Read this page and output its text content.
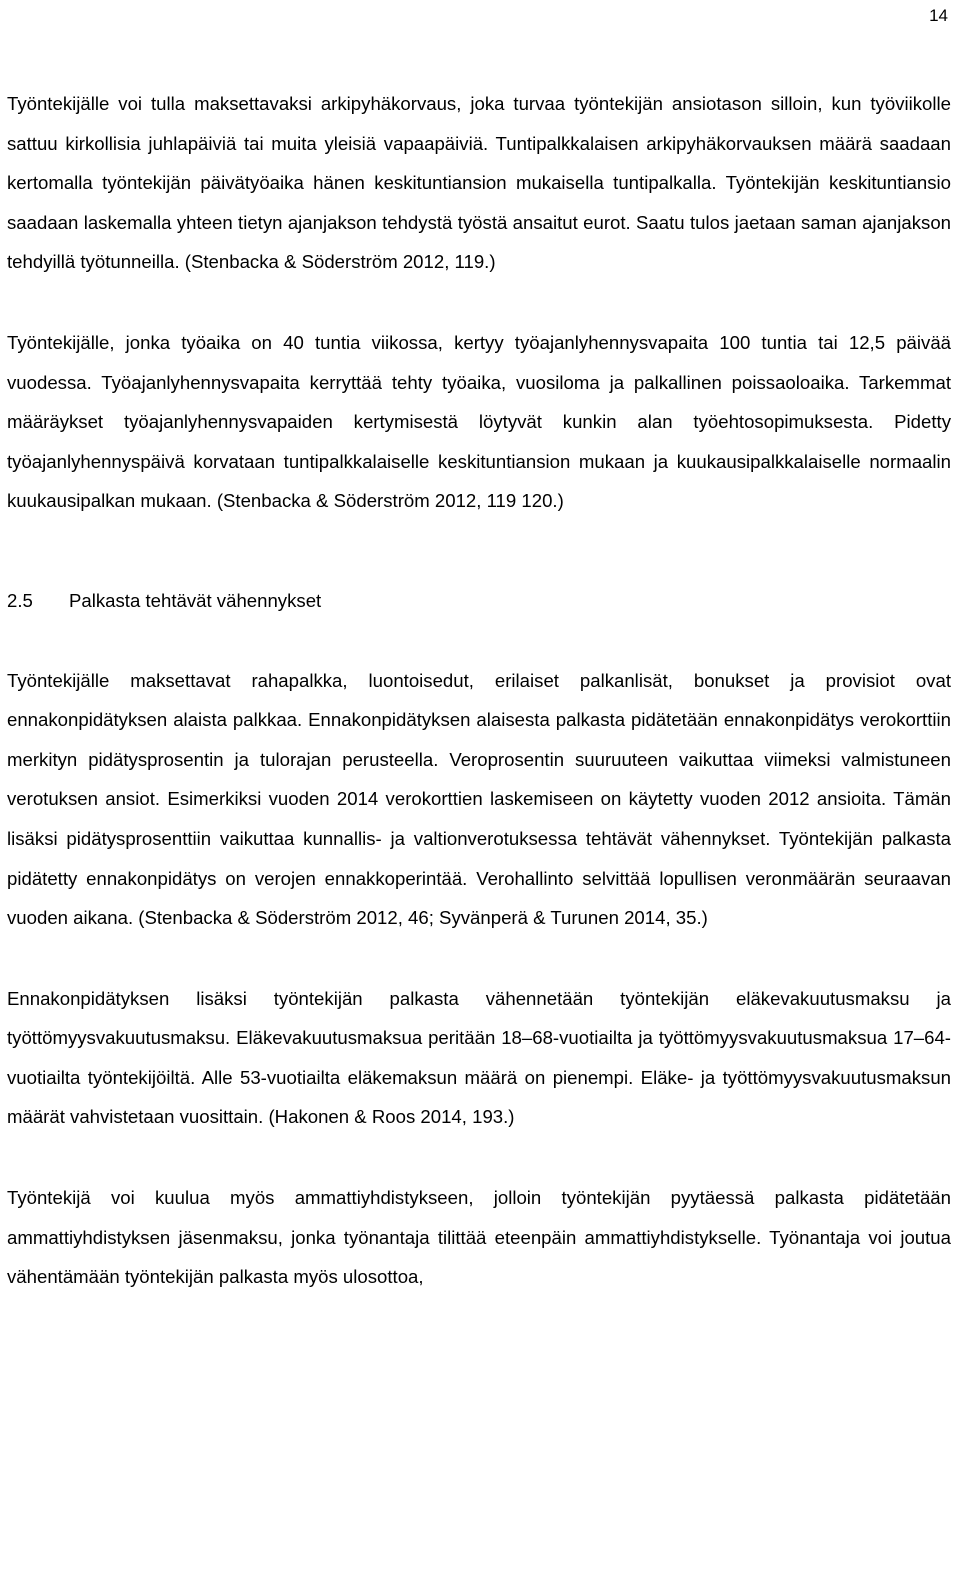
14

Työntekijälle voi tulla maksettavaksi arkipyhäkorvaus, joka turvaa työntekijän ansiotason silloin, kun työviikolle sattuu kirkollisia juhlapäiviä tai muita yleisiä vapaapäiviä. Tuntipalkkalaisen arkipyhäkorvauksen määrä saadaan kertomalla työntekijän päivätyöaika hänen keskituntiansion mukaisella tuntipalkalla. Työntekijän keskituntiansio saadaan laskemalla yhteen tietyn ajanjakson tehdystä työstä ansaitut eurot. Saatu tulos jaetaan saman ajanjakson tehdyillä työtunneilla. (Stenbacka & Söderström 2012, 119.)

Työntekijälle, jonka työaika on 40 tuntia viikossa, kertyy työajanlyhennysvapaita 100 tuntia tai 12,5 päivää vuodessa. Työajanlyhennysvapaita kerryttää tehty työaika, vuosiloma ja palkallinen poissaoloaika. Tarkemmat määräykset työajanlyhennysvapaiden kertymisestä löytyvät kunkin alan työehtosopimuksesta. Pidetty työajanlyhennyspäivä korvataan tuntipalkkalaiselle keskituntiansion mukaan ja kuukausipalkkalaiselle normaalin kuukausipalkan mukaan. (Stenbacka & Söderström 2012, 119 120.)

2.5 Palkasta tehtävät vähennykset

Työntekijälle maksettavat rahapalkka, luontoisedut, erilaiset palkanlisät, bonukset ja provisiot ovat ennakonpidätyksen alaista palkkaa. Ennakonpidätyksen alaisesta palkasta pidätetään ennakonpidätys verokorttiin merkityn pidätysprosentin ja tulorajan perusteella. Veroprosentin suuruuteen vaikuttaa viimeksi valmistuneen verotuksen ansiot. Esimerkiksi vuoden 2014 verokorttien laskemiseen on käytetty vuoden 2012 ansioita. Tämän lisäksi pidätysprosenttiin vaikuttaa kunnallis- ja valtionverotuksessa tehtävät vähennykset. Työntekijän palkasta pidätetty ennakonpidätys on verojen ennakkoperintää. Verohallinto selvittää lopullisen veronmäärän seuraavan vuoden aikana. (Stenbacka & Söderström 2012, 46; Syvänperä & Turunen 2014, 35.)

Ennakonpidätyksen lisäksi työntekijän palkasta vähennetään työntekijän eläkevakuutusmaksu ja työttömyysvakuutusmaksu. Eläkevakuutusmaksua peritään 18–68-vuotiailta ja työttömyysvakuutusmaksua 17–64-vuotiailta työntekijöiltä. Alle 53-vuotiailta eläkemaksun määrä on pienempi. Eläke- ja työttömyysvakuutusmaksun määrät vahvistetaan vuosittain. (Hakonen & Roos 2014, 193.)

Työntekijä voi kuulua myös ammattiyhdistykseen, jolloin työntekijän pyytäessä palkasta pidätetään ammattiyhdistyksen jäsenmaksu, jonka työnantaja tilittää eteenpäin ammattiyhdistykselle. Työnantaja voi joutua vähentämään työntekijän palkasta myös ulosottoa,
